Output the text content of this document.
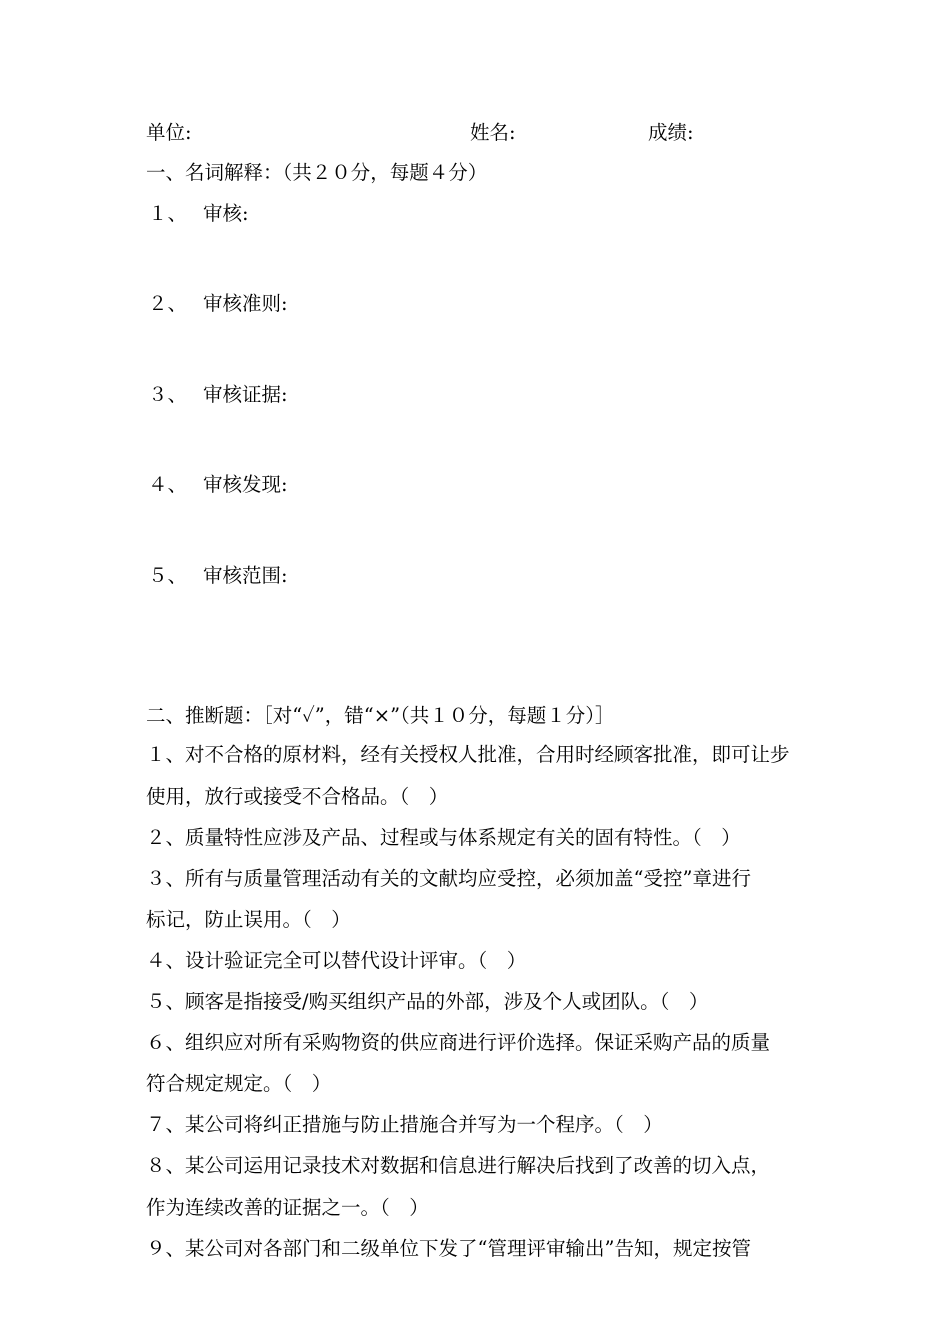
单位:	姓名:	成绩:
一、名词解释：（共２０分，每题４分）
１、 审核:
２、 审核准则:
３、 审核证据:
４、 审核发现:
５、 审核范围:
二、推断题：［对“✓”，错“×”（共１０分，每题１分）］
１、对不合格的原材料，经有关授权人批准，合用时经顾客批准，即可让步
使用，放行或接受不合格品。（　）
２、质量特性应涉及产品、过程或与体系规定有关的固有特性。（　）
３、所有与质量管理活动有关的文献均应受控，必须加盖“受控”章进行
标记，防止误用。（　）
４、设计验证完全可以替代设计评审。（　）
５、顾客是指接受/购买组织产品的外部，涉及个人或团队。（　）
６、组织应对所有采购物资的供应商进行评价选择。保证采购产品的质量
符合规定规定。（　）
７、某公司将纠正措施与防止措施合并写为一个程序。（　）
８、某公司运用记录技术对数据和信息进行解决后找到了改善的切入点，
作为连续改善的证据之一。（　）
９、某公司对各部门和二级单位下发了“管理评审输出”告知，规定按管
